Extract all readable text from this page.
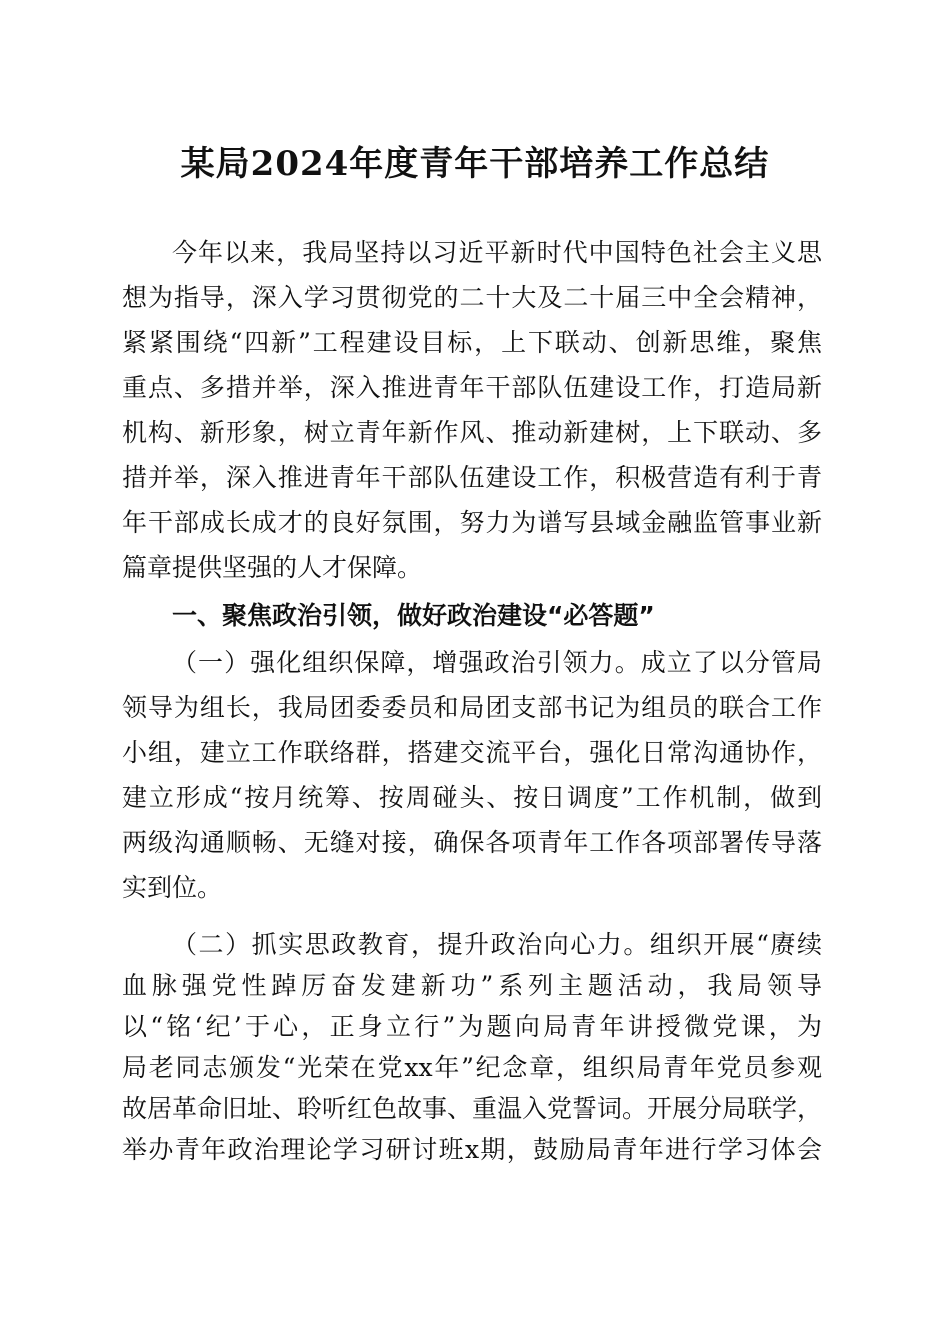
某局2024年度青年干部培养工作总结
今年以来，我局坚持以习近平新时代中国特色社会主义思
想为指导，深入学习贯彻党的二十大及二十届三中全会精神，
紧紧围绕“四新”工程建设目标，上下联动、创新思维，聚焦
重点、多措并举，深入推进青年干部队伍建设工作，打造局新
机构、新形象，树立青年新作风、推动新建树，上下联动、多
措并举，深入推进青年干部队伍建设工作，积极营造有利于青
年干部成长成才的良好氛围，努力为谱写县域金融监管事业新
篇章提供坚强的人才保障。
一、聚焦政治引领，做好政治建设“必答题”
（一）强化组织保障，增强政治引领力。成立了以分管局
领导为组长，我局团委委员和局团支部书记为组员的联合工作
小组，建立工作联络群，搭建交流平台，强化日常沟通协作，
建立形成“按月统筹、按周碰头、按日调度”工作机制，做到
两级沟通顺畅、无缝对接，确保各项青年工作各项部署传导落
实到位。
（二）抓实思政教育，提升政治向心力。组织开展“赓续
血脉强党性踔厉奋发建新功”系列主题活动，我局领导
以“铭‘纪’于心，正身立行”为题向局青年讲授微党课，为
局老同志颁发“光荣在党xx年”纪念章，组织局青年党员参观
故居革命旧址、聆听红色故事、重温入党誓词。开展分局联学，
举办青年政治理论学习研讨班x期，鼓励局青年进行学习体会
